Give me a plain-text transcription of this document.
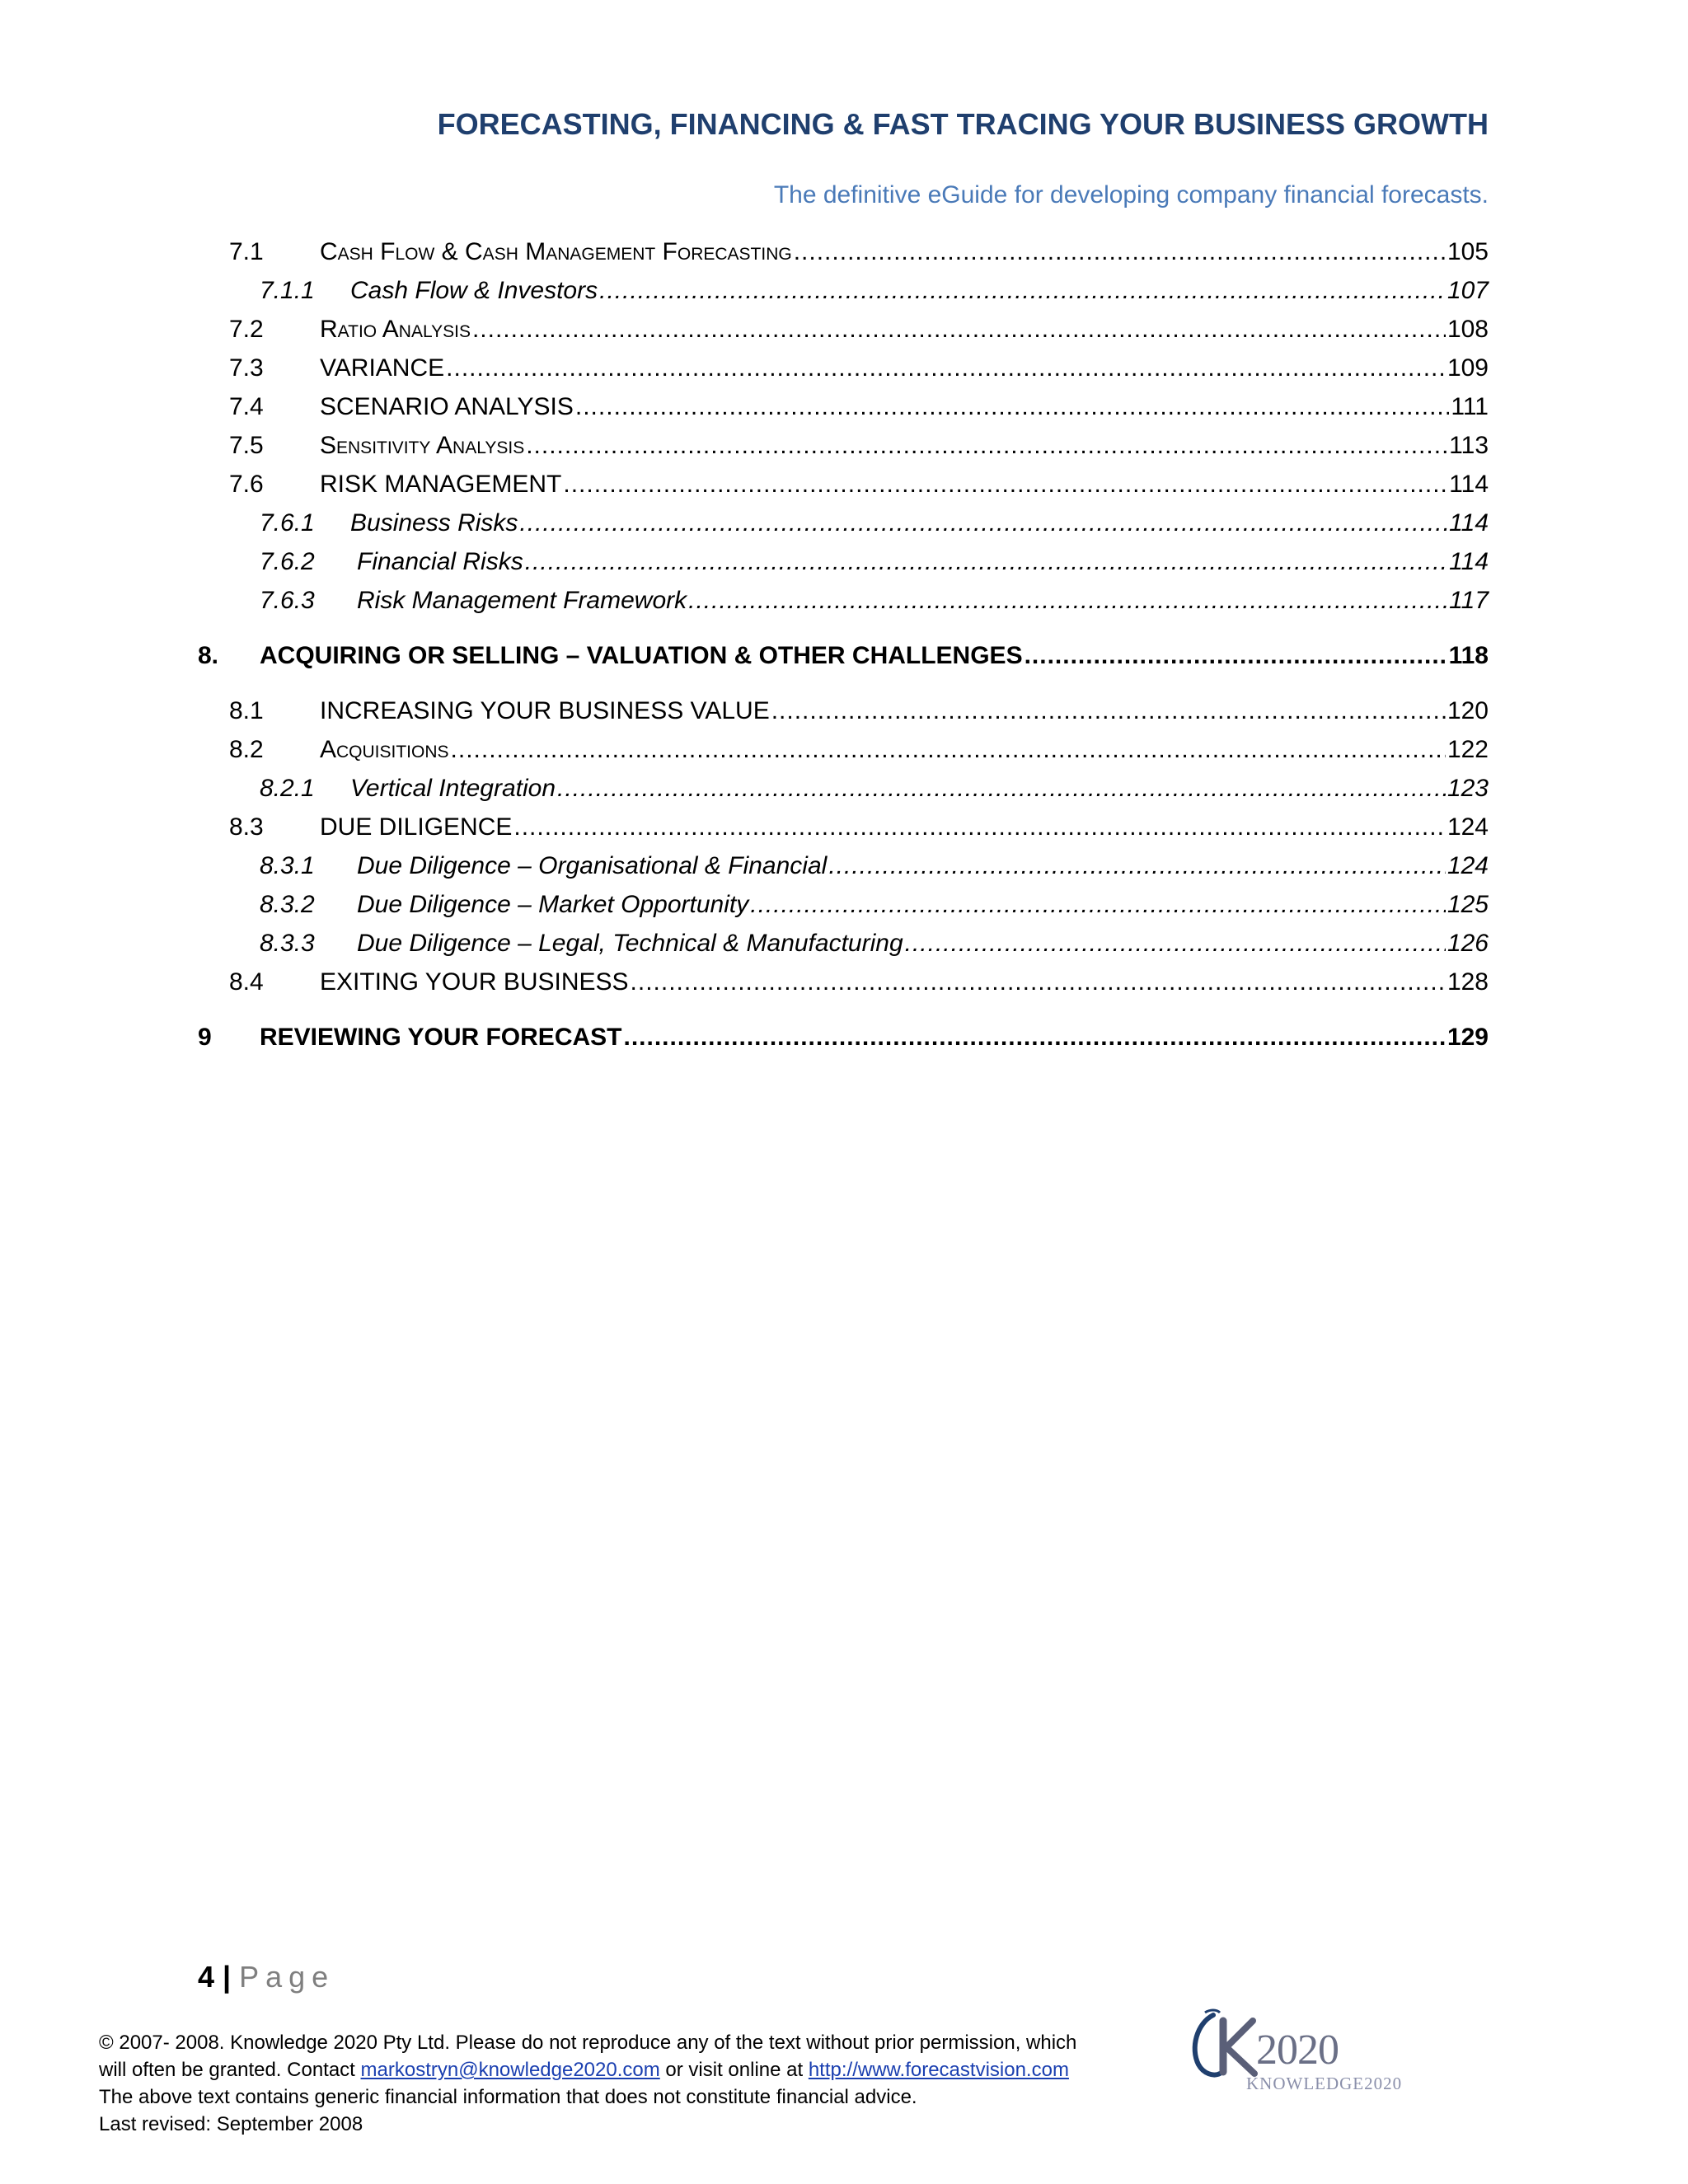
FORECASTING, FINANCING & FAST TRACING YOUR BUSINESS GROWTH
The definitive eGuide for developing company financial forecasts.
7.1 Cash Flow & Cash Management Forecasting .....	105
7.1.1 Cash Flow & Investors .....	107
7.2 Ratio Analysis .....	108
7.3 VARIANCE .....	109
7.4 SCENARIO ANALYSIS .....	111
7.5 Sensitivity Analysis .....	113
7.6 RISK MANAGEMENT .....	114
7.6.1 Business Risks .....	114
7.6.2 Financial Risks .....	114
7.6.3 Risk Management Framework .....	117
8. ACQUIRING OR SELLING – VALUATION & OTHER CHALLENGES .....	118
8.1 INCREASING YOUR BUSINESS VALUE .....	120
8.2 Acquisitions .....	122
8.2.1 Vertical Integration .....	123
8.3 DUE DILIGENCE .....	124
8.3.1 Due Diligence – Organisational & Financial .....	124
8.3.2 Due Diligence – Market Opportunity .....	125
8.3.3 Due Diligence – Legal, Technical & Manufacturing .....	126
8.4 EXITING YOUR BUSINESS .....	128
9 REVIEWING YOUR FORECAST .....	129
4 | Page
© 2007- 2008. Knowledge 2020 Pty Ltd. Please do not reproduce any of the text without prior permission, which
will often be granted. Contact markostryn@knowledge2020.com or visit online at http://www.forecastvision.com
The above text contains generic financial information that does not constitute financial advice.
Last revised: September 2008
2020
KNOWLEDGE2020
